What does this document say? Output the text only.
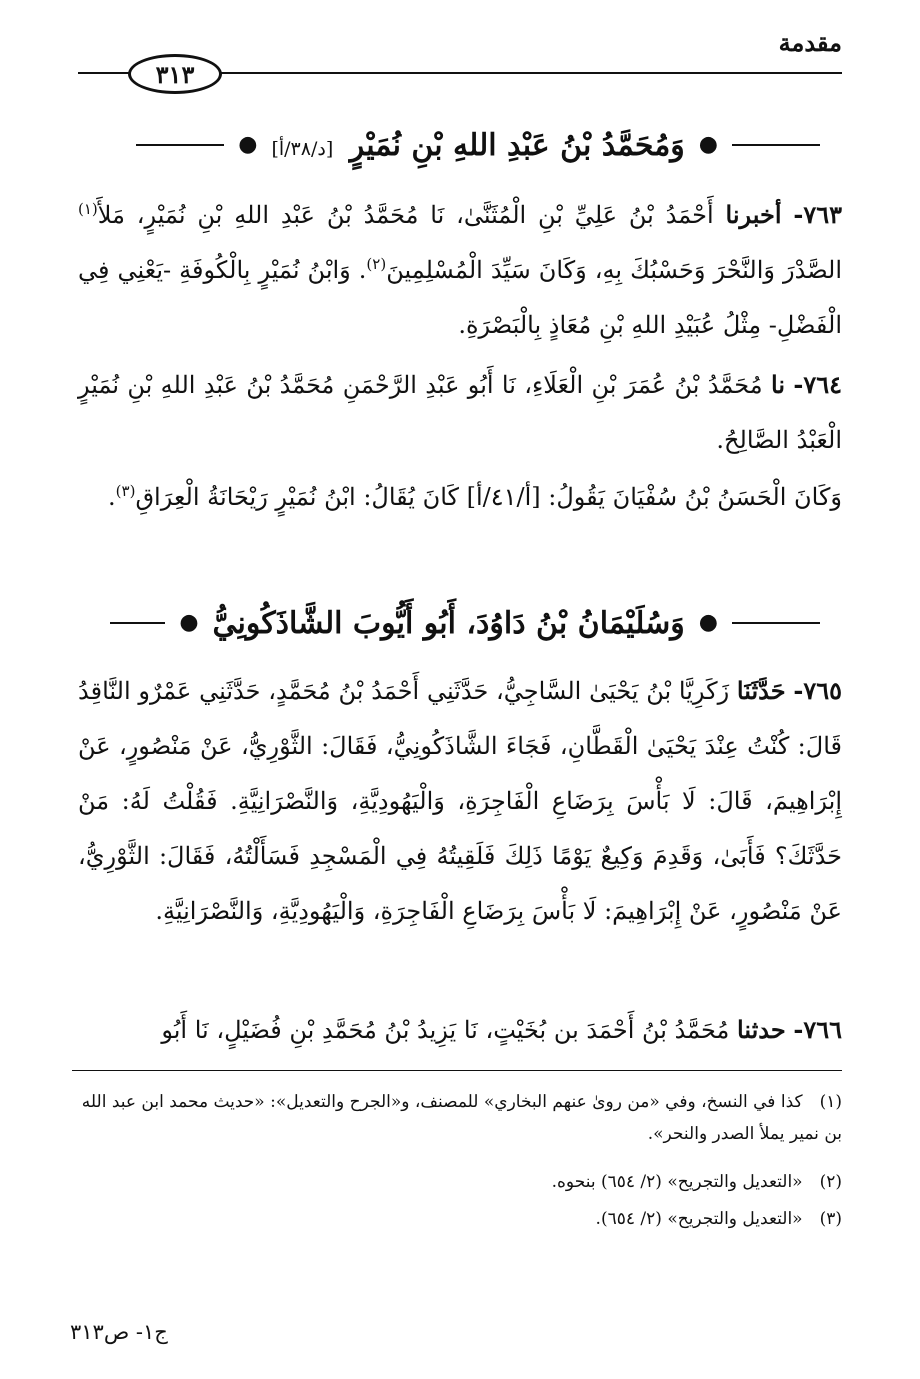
مقدمة
٣١٣
●
وَمُحَمَّدُ بْنُ عَبْدِ اللهِ بْنِ نُمَيْرٍ [د/٣٨/أ]
●
٧٦٣- أخبرنا أَحْمَدُ بْنُ عَلِيِّ بْنِ الْمُثَنَّىٰ، نَا مُحَمَّدُ بْنُ عَبْدِ اللهِ بْنِ نُمَيْرٍ، مَلأَ$^{(١)}$ الصَّدْرَ وَالنَّحْرَ وَحَسْبُكَ بِهِ، وَكَانَ سَيِّدَ الْمُسْلِمِينَ$^{(٢)}$. وَابْنُ نُمَيْرٍ بِالْكُوفَةِ -يَعْنِي فِي الْفَضْلِ- مِثْلُ عُبَيْدِ اللهِ بْنِ مُعَاذٍ بِالْبَصْرَةِ.
٧٦٤- نا مُحَمَّدُ بْنُ عُمَرَ بْنِ الْعَلَاءِ، نَا أَبُو عَبْدِ الرَّحْمَنِ مُحَمَّدُ بْنُ عَبْدِ اللهِ بْنِ نُمَيْرٍ الْعَبْدُ الصَّالِحُ.
وَكَانَ الْحَسَنُ بْنُ سُفْيَانَ يَقُولُ: [أ/٤١/أ] كَانَ يُقَالُ: ابْنُ نُمَيْرٍ رَيْحَانَةُ الْعِرَاقِ$^{(٣)}$.
●
وَسُلَيْمَانُ بْنُ دَاوُدَ، أَبُو أَيُّوبَ الشَّاذَكُونِيُّ
●
٧٦٥- حَدَّثَنَا زَكَرِيَّا بْنُ يَحْيَىٰ السَّاجِيُّ، حَدَّثَنِي أَحْمَدُ بْنُ مُحَمَّدٍ، حَدَّثَنِي عَمْرٌو النَّاقِدُ قَالَ: كُنْتُ عِنْدَ يَحْيَىٰ الْقَطَّانِ، فَجَاءَ الشَّاذَكُونِيُّ، فَقَالَ: الثَّوْرِيُّ، عَنْ مَنْصُورٍ، عَنْ إِبْرَاهِيمَ، قَالَ: لَا بَأْسَ بِرَضَاعِ الْفَاجِرَةِ، وَالْيَهُودِيَّةِ، وَالنَّصْرَانِيَّةِ. فَقُلْتُ لَهُ: مَنْ حَدَّثَكَ؟ فَأَبَىٰ، وَقَدِمَ وَكِيعٌ يَوْمًا ذَلِكَ فَلَقِيتُهُ فِي الْمَسْجِدِ فَسَأَلْتُهُ، فَقَالَ: الثَّوْرِيُّ، عَنْ مَنْصُورٍ، عَنْ إِبْرَاهِيمَ: لَا بَأْسَ بِرَضَاعِ الْفَاجِرَةِ، وَالْيَهُودِيَّةِ، وَالنَّصْرَانِيَّةِ.
٧٦٦- حدثنا مُحَمَّدُ بْنُ أَحْمَدَ بن بُخَيْتٍ، نَا يَزِيدُ بْنُ مُحَمَّدِ بْنِ فُضَيْلٍ، نَا أَبُو
(١) كذا في النسخ، وفي «من روىٰ عنهم البخاري» للمصنف، و«الجرح والتعديل»: «حديث محمد ابن عبد الله بن نمير يملأ الصدر والنحر».
(٢) «التعديل والتجريح» (٢/ ٦٥٤) بنحوه.
(٣) «التعديل والتجريح» (٢/ ٦٥٤).
ج١- ص٣١٣
